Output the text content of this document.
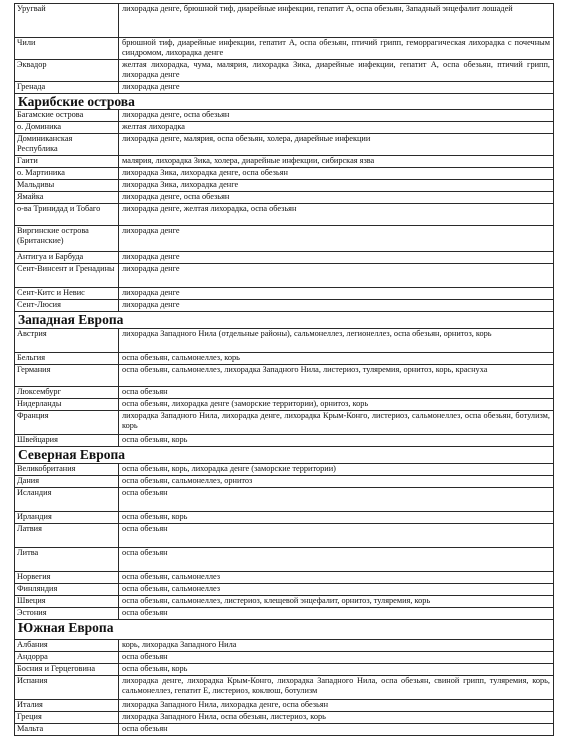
Уругвай	лихорадка денге, брюшной тиф, диарейные инфекции, гепатит А, оспа обезьян, Западный энцефалит лошадей
Чили	брюшной тиф, диарейные инфекции, гепатит А, оспа обезьян, птичий грипп, геморрагическая лихорадка с почечным синдромом, лихорадка денге
Эквадор	желтая лихорадка, чума, малярия, лихорадка Зика, диарейные инфекции, гепатит А, оспа обезьян, птичий грипп, лихорадка денге
Гренада	лихорадка денге
Карибские острова	
Багамские острова	лихорадка денге, оспа обезьян
о. Доминика	желтая лихорадка
Доминиканская Республика	лихорадка денге, малярия, оспа обезьян, холера, диарейные инфекции
Гаити	малярия, лихорадка Зика, холера, диарейные инфекции, сибирская язва
о. Мартиника	лихорадка Зика, лихорадка денге, оспа обезьян
Мальдивы	лихорадка Зика, лихорадка денге
Ямайка	лихорадка денге, оспа обезьян
о-ва Тринидад и Тобаго	лихорадка денге, желтая лихорадка, оспа обезьян
Виргинские острова (Британские)	лихорадка денге
Антигуа и Барбуда	лихорадка денге
Сент-Винсент и Гренадины	лихорадка денге
Сент-Китс и Невис	лихорадка денге
Сент-Люсия	лихорадка денге
Западная Европа	
Австрия	лихорадка Западного Нила (отдельные районы), сальмонеллез, легионеллез, оспа обезьян, орнитоз, корь
Бельгия	оспа обезьян, сальмонеллез, корь
Германия	оспа обезьян, сальмонеллез, лихорадка Западного Нила, листериоз, туляремия, орнитоз, корь, краснуха
Люксембург	оспа обезьян
Нидерланды	оспа обезьян, лихорадка денге (заморские территории), орнитоз, корь
Франция	лихорадка Западного Нила, лихорадка денге, лихорадка Крым-Конго, листериоз, сальмонеллез, оспа обезьян, ботулизм, корь
Швейцария	оспа обезьян, корь
Северная Европа	
Великобритания	оспа обезьян, корь, лихорадка денге (заморские территории)
Дания	оспа обезьян, сальмонеллез, орнитоз
Исландия	оспа обезьян
Ирландия	оспа обезьян, корь
Латвия	оспа обезьян
Литва	оспа обезьян
Норвегия	оспа обезьян, сальмонеллез
Финляндия	оспа обезьян, сальмонеллез
Швеция	оспа обезьян, сальмонеллез, листериоз, клещевой энцефалит, орнитоз, туляремия, корь
Эстония	оспа обезьян
Южная Европа	
Албания	корь, лихорадка Западного Нила
Андорра	оспа обезьян
Босния и Герцеговина	оспа обезьян, корь
Испания	лихорадка денге, лихорадка Крым-Конго, лихорадка Западного Нила, оспа обезьян, свиной грипп, туляремия, корь, сальмонеллез, гепатит Е, листериоз, коклюш, ботулизм
Италия	лихорадка Западного Нила, лихорадка денге, оспа обезьян
Греция	лихорадка Западного Нила, оспа обезьян, листериоз, корь
Мальта	оспа обезьян
